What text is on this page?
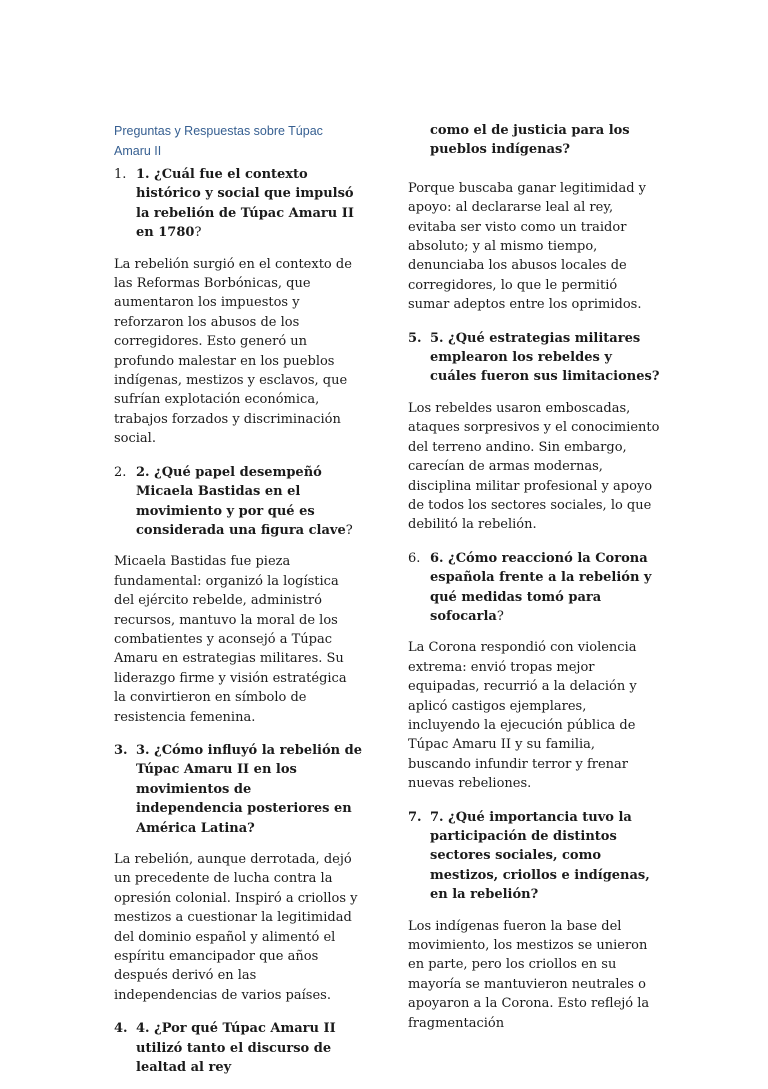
Preguntas y Respuestas sobre Túpac Amaru II
1. 1. ¿Cuál fue el contexto histórico y social que impulsó la rebelión de Túpac Amaru II en 1780?

La rebelión surgió en el contexto de las Reformas Borbónicas, que aumentaron los impuestos y reforzaron los abusos de los corregidores. Esto generó un profundo malestar en los pueblos indígenas, mestizos y esclavos, que sufrían explotación económica, trabajos forzados y discriminación social.

2. 2. ¿Qué papel desempeñó Micaela Bastidas en el movimiento y por qué es considerada una figura clave?

Micaela Bastidas fue pieza fundamental: organizó la logística del ejército rebelde, administró recursos, mantuvo la moral de los combatientes y aconsejó a Túpac Amaru en estrategias militares. Su liderazgo firme y visión estratégica la convirtieron en símbolo de resistencia femenina.

3. 3. ¿Cómo influyó la rebelión de Túpac Amaru II en los movimientos de independencia posteriores en América Latina?

La rebelión, aunque derrotada, dejó un precedente de lucha contra la opresión colonial. Inspiró a criollos y mestizos a cuestionar la legitimidad del dominio español y alimentó el espíritu emancipador que años después derivó en las independencias de varios países.

4. 4. ¿Por qué Túpac Amaru II utilizó tanto el discurso de lealtad al rey
como el de justicia para los pueblos indígenas?

Porque buscaba ganar legitimidad y apoyo: al declararse leal al rey, evitaba ser visto como un traidor absoluto; y al mismo tiempo, denunciaba los abusos locales de corregidores, lo que le permitió sumar adeptos entre los oprimidos.

5. 5. ¿Qué estrategias militares emplearon los rebeldes y cuáles fueron sus limitaciones?

Los rebeldes usaron emboscadas, ataques sorpresivos y el conocimiento del terreno andino. Sin embargo, carecían de armas modernas, disciplina militar profesional y apoyo de todos los sectores sociales, lo que debilitó la rebelión.

6. 6. ¿Cómo reaccionó la Corona española frente a la rebelión y qué medidas tomó para sofocarla?

La Corona respondió con violencia extrema: envió tropas mejor equipadas, recurrió a la delación y aplicó castigos ejemplares, incluyendo la ejecución pública de Túpac Amaru II y su familia, buscando infundir terror y frenar nuevas rebeliones.

7. 7. ¿Qué importancia tuvo la participación de distintos sectores sociales, como mestizos, criollos e indígenas, en la rebelión?

Los indígenas fueron la base del movimiento, los mestizos se unieron en parte, pero los criollos en su mayoría se mantuvieron neutrales o apoyaron a la Corona. Esto reflejó la fragmentación
